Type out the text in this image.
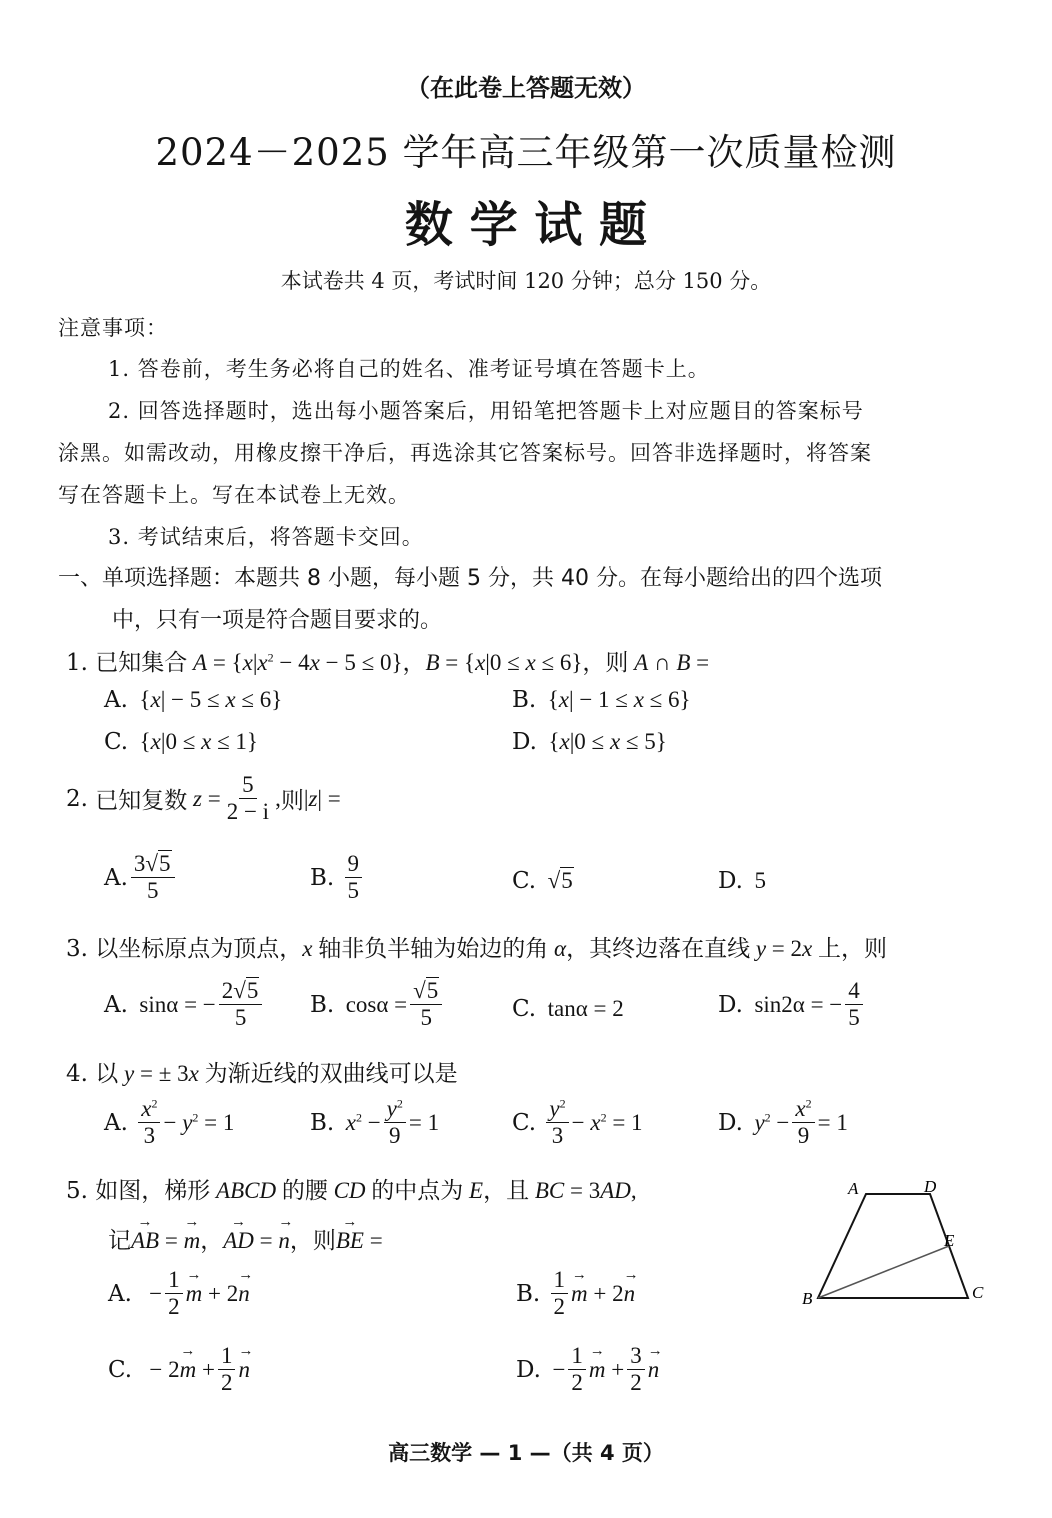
（在此卷上答题无效）
2024－2025 学年高三年级第一次质量检测
数 学 试 题
本试卷共 4 页，考试时间 120 分钟；总分 150 分。
注意事项：
1. 答卷前，考生务必将自己的姓名、准考证号填在答题卡上。
2. 回答选择题时，选出每小题答案后，用铅笔把答题卡上对应题目的答案标号
涂黑。如需改动，用橡皮擦干净后，再选涂其它答案标号。回答非选择题时，将答案
写在答题卡上。写在本试卷上无效。
3. 考试结束后，将答题卡交回。
一、单项选择题：本题共 8 小题，每小题 5 分，共 40 分。在每小题给出的四个选项
中，只有一项是符合题目要求的。
1. 已知集合 $A = \{x|x^2 - 4x - 5 \le 0\}$，B = {x|0 ≤ x ≤ 6}，则 A ∩ B =
A.  {x| − 5 ≤ x ≤ 6}	B.  {x| − 1 ≤ x ≤ 6}
C.  {x|0 ≤ x ≤ 1}	D.  {x|0 ≤ x ≤ 5}
2.
已知复数 $z = \frac{5}{2 - i}$ , 则 |z| =
A.
3√5
5	B.

9
5	C.  √5	D.  5
3. 以坐标原点为顶点，x 轴非负半轴为始边的角 α，其终边落在直线 y = 2x 上，则
A. sinα = − $\frac{2√5}{5} B$. $\cos\alpha = \frac{√5}{5}$	C.  tanα = 2	D. sin2α = − $\frac{4}{5}$
4. 以 y = ± 3x 为渐近线的双曲线可以是
A.

$x^2$
3
− $y^2 = 1$	B. $x^2 - \frac{y^2}{9} = 1$	C.

$y^2$
3
− $x^2 = 1$	D. $y^2 - \frac{x^2}{9} = 1$
5. 如图，梯形 ABCD 的腰 CD 的中点为 E，且 BC = 3AD,
记→ AB = → m，→ AD = → n，则→ BE =
A. − $\frac{1}{2}$
→ m + 2→ n	B.

1
2
→ m + 2→ n
C. − $2\to m + \frac{1}{2}$
→ n	D. − $\frac{1}{2}$
→ $m + \frac{3}{2}$
→ n
A	D
E
B	C
高三数学 — 1 —（共 4 页）
